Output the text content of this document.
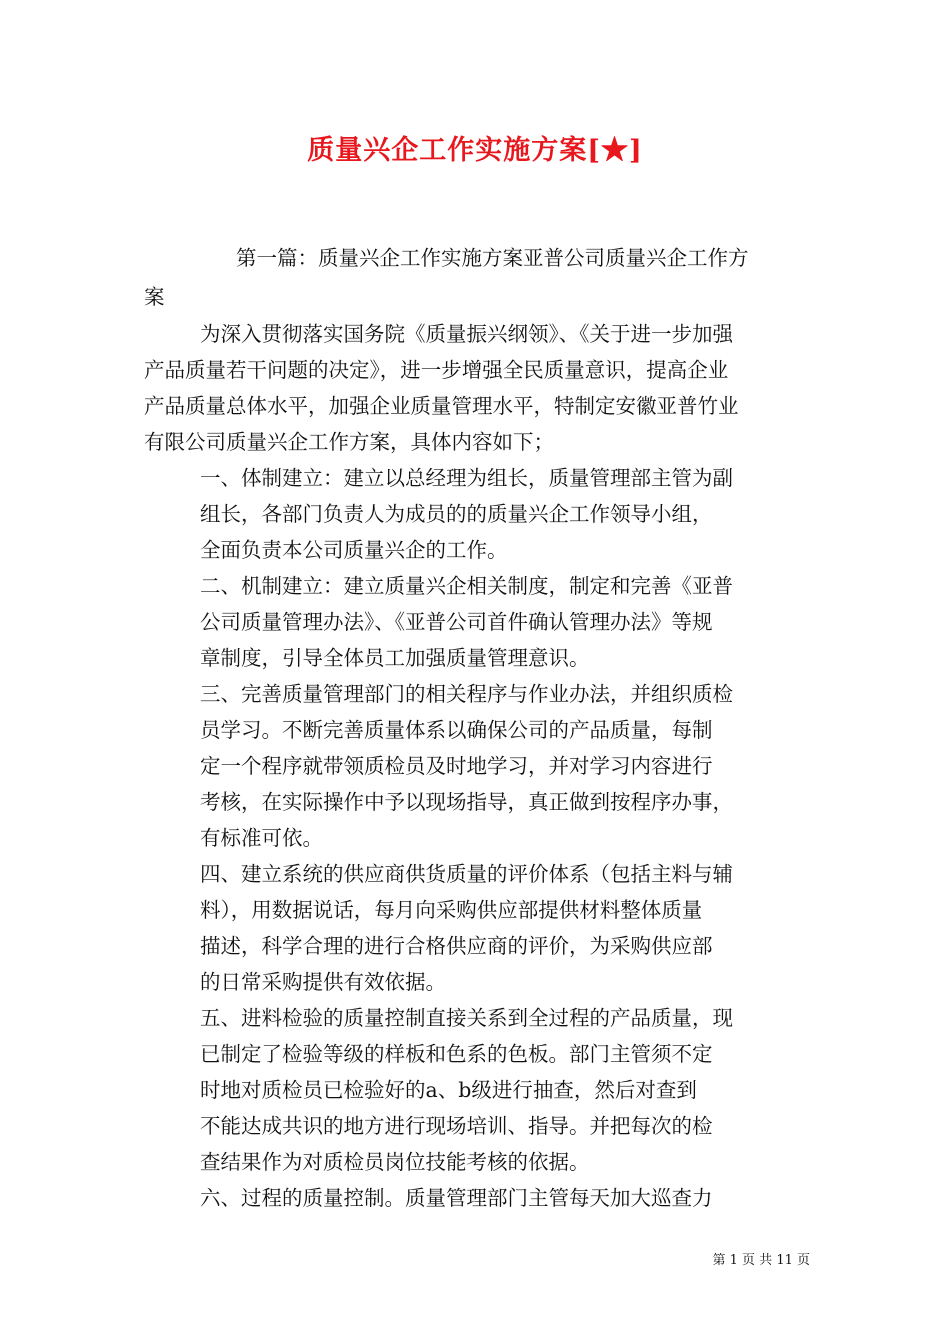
质量兴企工作实施方案[★]
第一篇：质量兴企工作实施方案亚普公司质量兴企工作方
案
为深入贯彻落实国务院《质量振兴纲领》、《关于进一步加强
产品质量若干问题的决定》，进一步增强全民质量意识，提高企业
产品质量总体水平，加强企业质量管理水平，特制定安徽亚普竹业
有限公司质量兴企工作方案，具体内容如下；
一、体制建立：建立以总经理为组长，质量管理部主管为副
组长，各部门负责人为成员的的质量兴企工作领导小组，
全面负责本公司质量兴企的工作。
二、机制建立：建立质量兴企相关制度，制定和完善《亚普
公司质量管理办法》、《亚普公司首件确认管理办法》等规
章制度，引导全体员工加强质量管理意识。
三、完善质量管理部门的相关程序与作业办法，并组织质检
员学习。不断完善质量体系以确保公司的产品质量，每制
定一个程序就带领质检员及时地学习，并对学习内容进行
考核，在实际操作中予以现场指导，真正做到按程序办事，
有标准可依。
四、建立系统的供应商供货质量的评价体系（包括主料与辅
料），用数据说话，每月向采购供应部提供材料整体质量
描述，科学合理的进行合格供应商的评价，为采购供应部
的日常采购提供有效依据。
五、进料检验的质量控制直接关系到全过程的产品质量，现
已制定了检验等级的样板和色系的色板。部门主管须不定
时地对质检员已检验好的a、b级进行抽查，然后对查到
不能达成共识的地方进行现场培训、指导。并把每次的检
查结果作为对质检员岗位技能考核的依据。
六、过程的质量控制。质量管理部门主管每天加大巡查力
第 1 页 共 11 页
